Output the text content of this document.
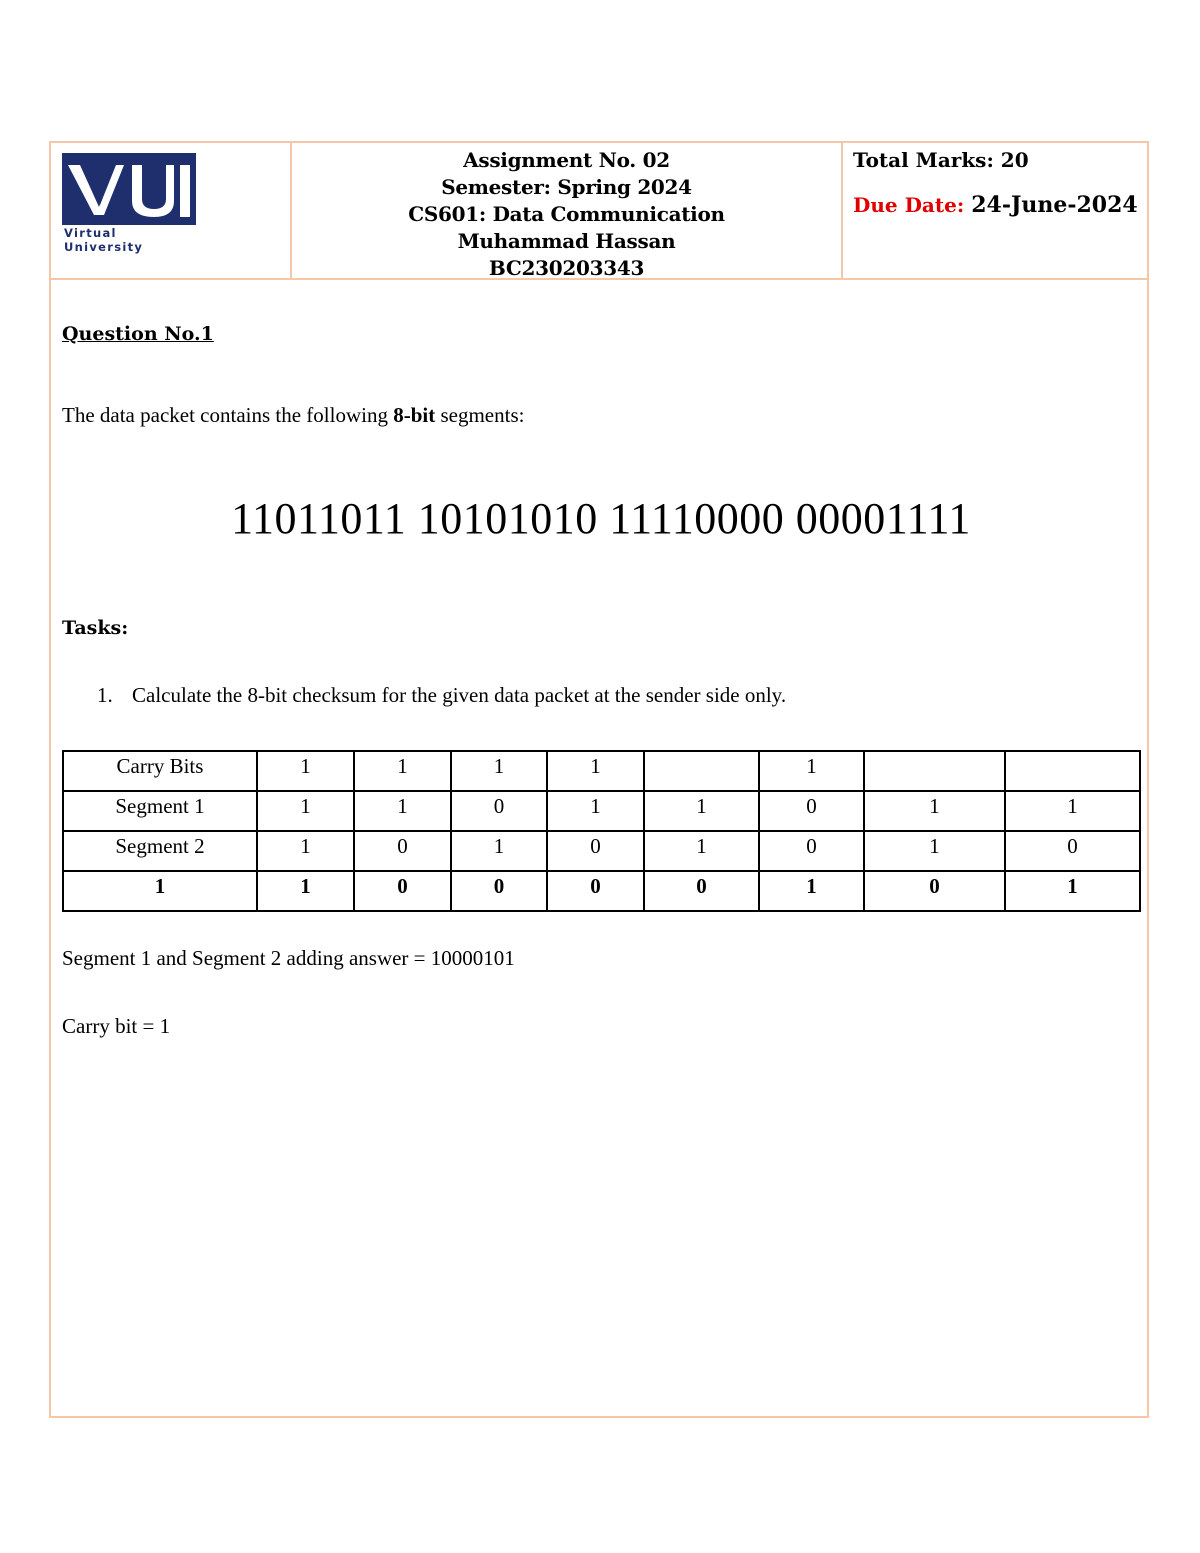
Virtual University
Assignment No. 02
Semester: Spring 2024
CS601: Data Communication
Muhammad Hassan
BC230203343
Total Marks: 20
Due Date: 24-June-2024
Question No.1
The data packet contains the following 8-bit segments:
11011011 10101010 11110000 00001111
Tasks:
1. Calculate the 8-bit checksum for the given data packet at the sender side only.
Carry Bits	1	1	1	1		1		
Segment 1	1	1	0	1	1	0	1	1
Segment 2	1	0	1	0	1	0	1	0
1	1	0	0	0	0	1	0	1
Segment 1 and Segment 2 adding answer = 10000101
Carry bit = 1
